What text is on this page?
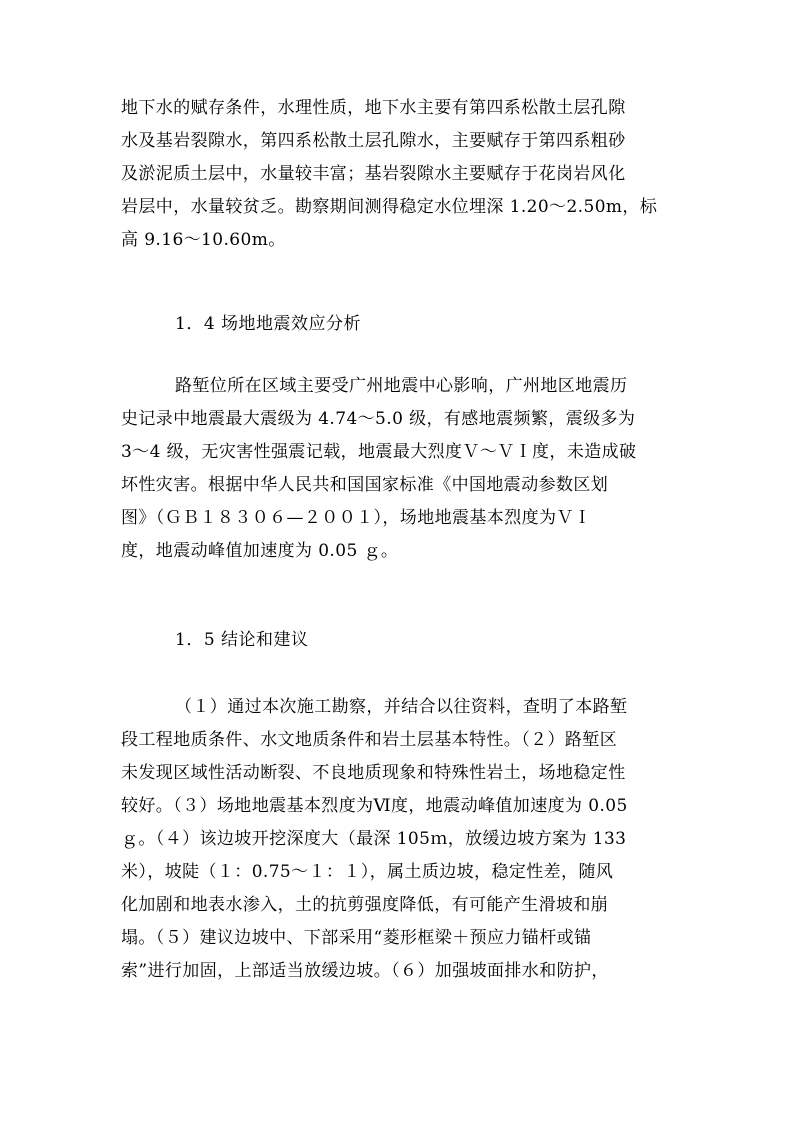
地下水的赋存条件，水理性质，地下水主要有第四系松散土层孔隙
水及基岩裂隙水，第四系松散土层孔隙水，主要赋存于第四系粗砂
及淤泥质土层中，水量较丰富；基岩裂隙水主要赋存于花岗岩风化
岩层中，水量较贫乏。勘察期间测得稳定水位埋深 1.20～2.50m，标
高 9.16～10.60m。
1．4 场地地震效应分析
路堑位所在区域主要受广州地震中心影响，广州地区地震历
史记录中地震最大震级为 4.74～5.0 级，有感地震频繁，震级多为
3～4 级，无灾害性强震记载，地震最大烈度Ｖ～ＶＩ度，未造成破
坏性灾害。根据中华人民共和国国家标准《中国地震动参数区划
图》（ＧＢ１８３０６—２００１），场地地震基本烈度为ＶＩ
度，地震动峰值加速度为 0.05 ｇ。
1．5 结论和建议
（１）通过本次施工勘察，并结合以往资料，查明了本路堑
段工程地质条件、水文地质条件和岩土层基本特性。（２）路堑区
未发现区域性活动断裂、不良地质现象和特殊性岩土，场地稳定性
较好。（３）场地地震基本烈度为Ⅵ度，地震动峰值加速度为 0.05
ｇ。（４）该边坡开挖深度大（最深 105ｍ，放缓边坡方案为 133
米），坡陡（１：0.75～１：１），属土质边坡，稳定性差，随风
化加剧和地表水渗入，土的抗剪强度降低，有可能产生滑坡和崩
塌。（５）建议边坡中、下部采用“菱形框梁＋预应力锚杆或锚
索”进行加固，上部适当放缓边坡。（６）加强坡面排水和防护，
